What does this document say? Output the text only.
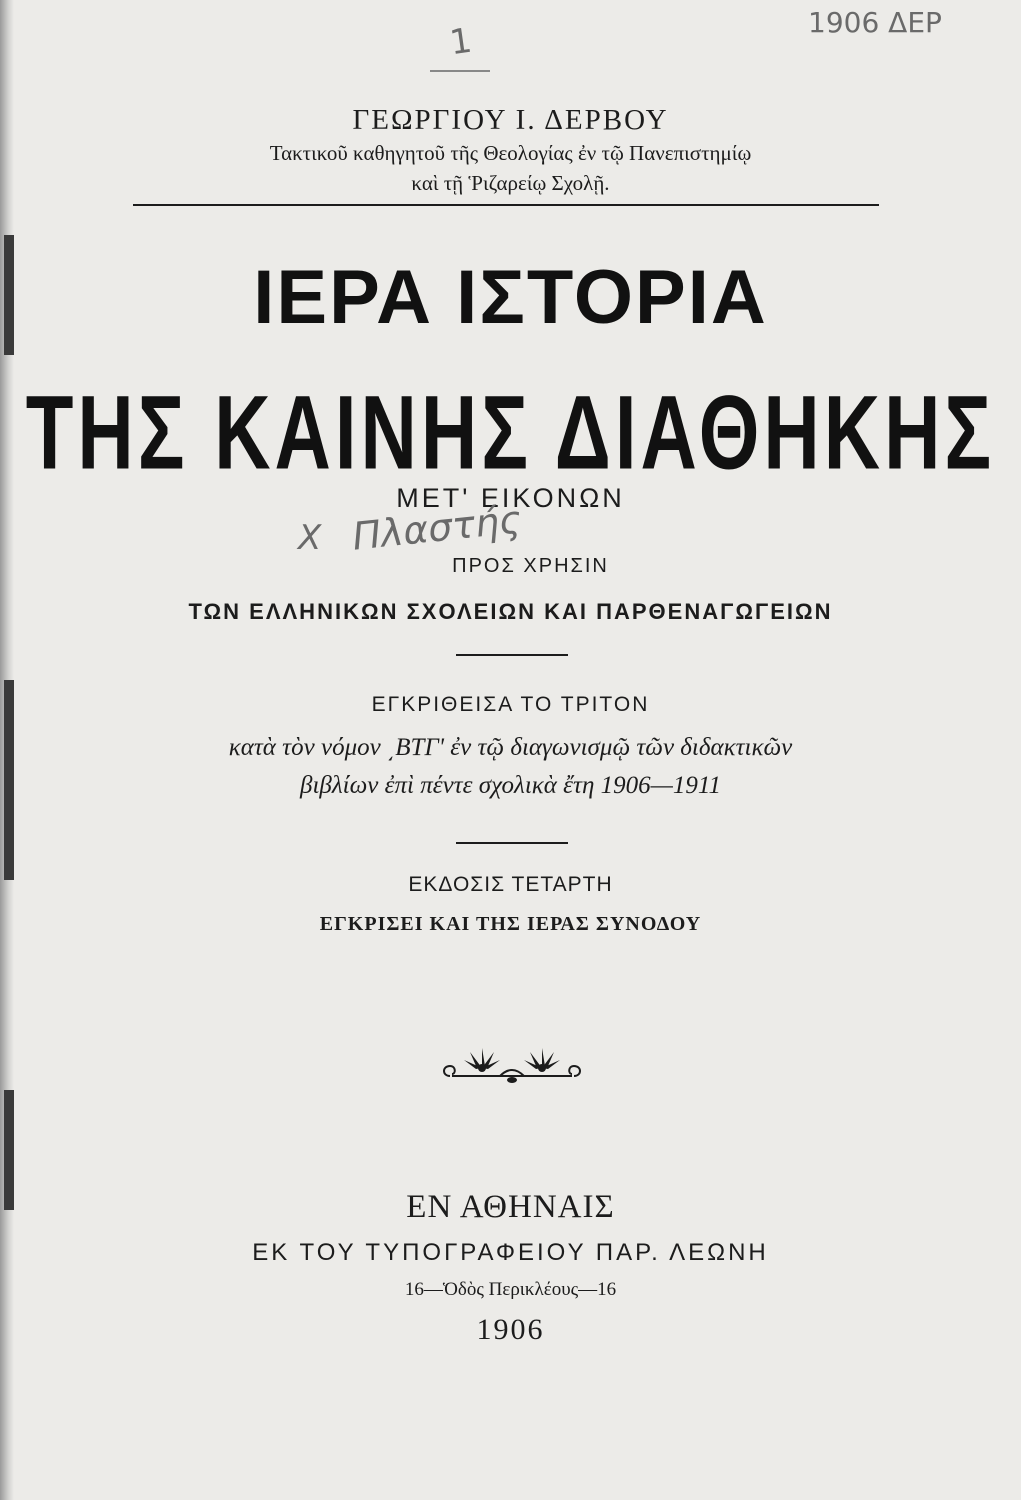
1	1906 ΔΕΡ
ΓΕΩΡΓΙΟΥ Ι. ΔΕΡΒΟΥ
Τακτικοῦ καθηγητοῦ τῆς Θεολογίας ἐν τῷ Πανεπιστημίῳ
καὶ τῇ Ῥιζαρείῳ Σχολῇ.
ΙΕΡΑ ΙΣΤΟΡΙΑ
ΤΗΣ ΚΑΙΝΗΣ ΔΙΑΘΗΚΗΣ
ΜΕΤ' ΕΙΚΟΝΩΝ
Χ Πλαστής
ΠΡΟΣ ΧΡΗΣΙΝ
ΤΩΝ ΕΛΛΗΝΙΚΩΝ ΣΧΟΛΕΙΩΝ ΚΑΙ ΠΑΡΘΕΝΑΓΩΓΕΙΩΝ
ΕΓΚΡΙΘΕΙΣΑ ΤΟ ΤΡΙΤΟΝ
κατὰ τὸν νόμον ͵ΒΤΓ' ἐν τῷ διαγωνισμῷ τῶν διδακτικῶν
βιβλίων ἐπὶ πέντε σχολικὰ ἔτη 1906—1911
ΕΚΔΟΣΙΣ ΤΕΤΑΡΤΗ
ΕΓΚΡΙΣΕΙ ΚΑΙ ΤΗΣ ΙΕΡΑΣ ΣΥΝΟΔΟΥ
ΕΝ ΑΘΗΝΑΙΣ
ΕΚ ΤΟΥ ΤΥΠΟΓΡΑΦΕΙΟΥ ΠΑΡ. ΛΕΩΝΗ
16—Ὁδὸς Περικλέους—16
1906
